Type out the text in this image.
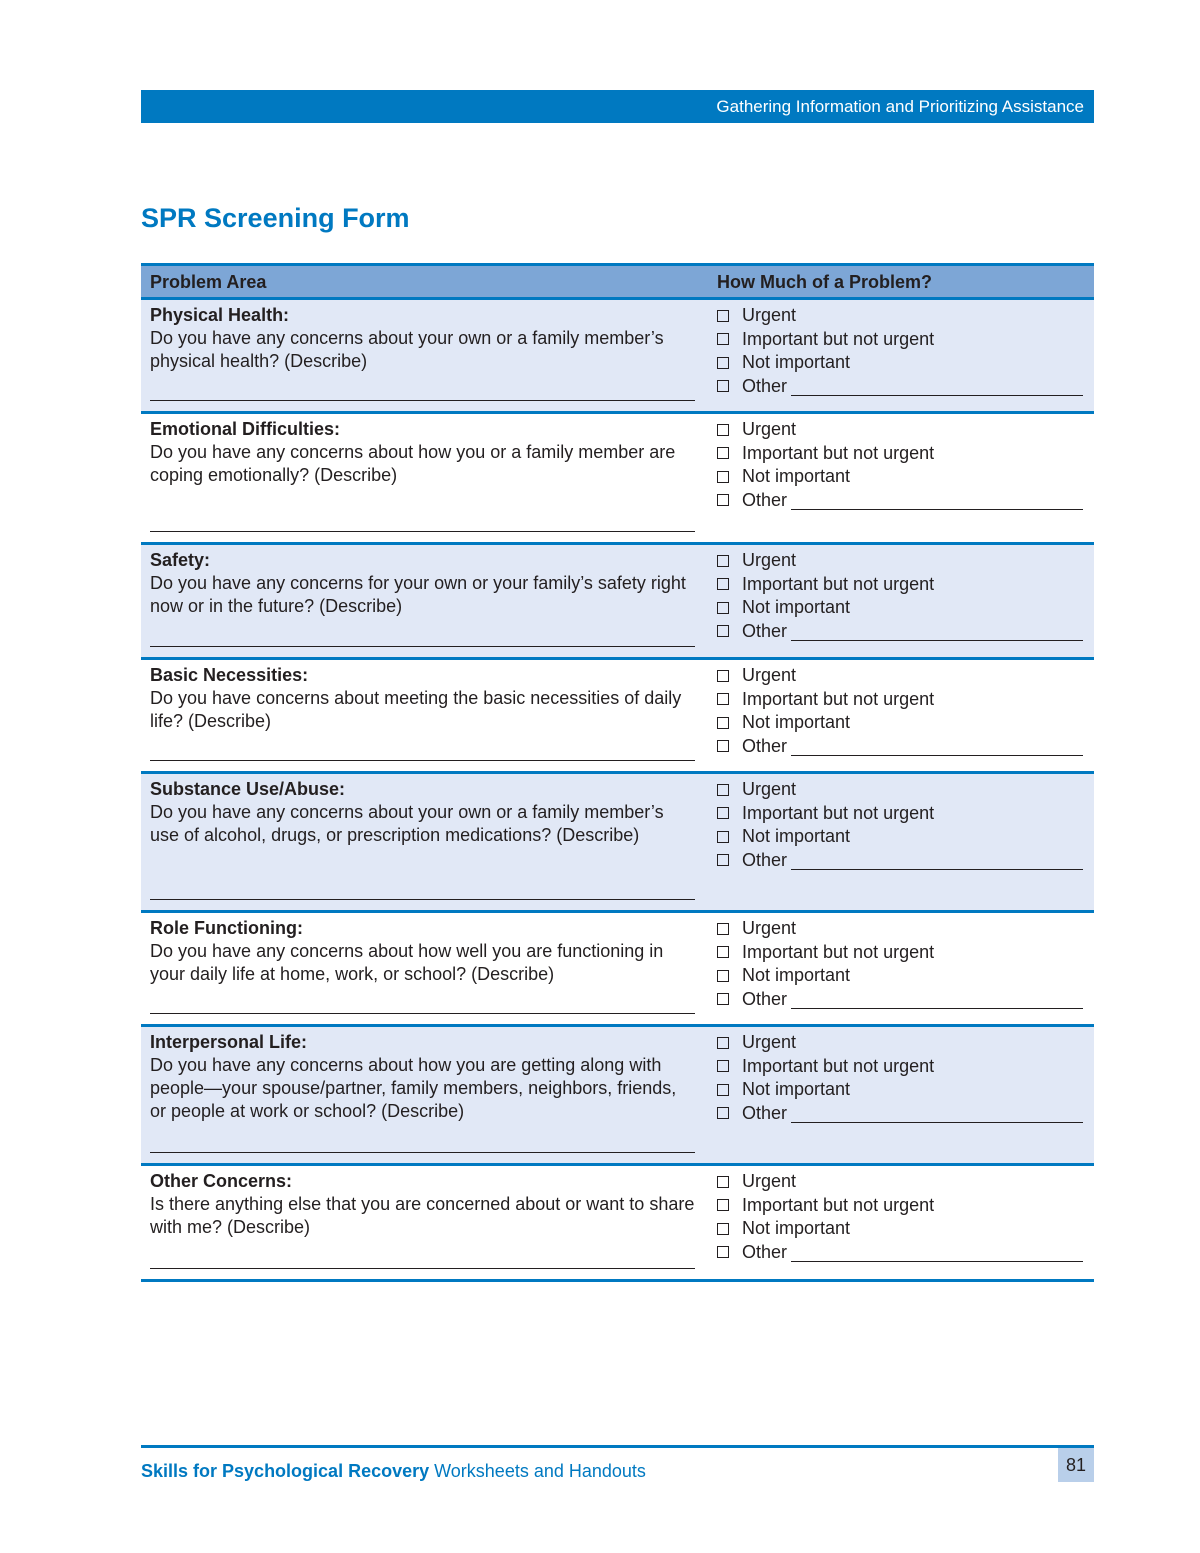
Gathering Information and Prioritizing Assistance
SPR Screening Form
Problem Area	How Much of a Problem?
Physical Health:
Do you have any concerns about your own or a family member’s physical health? (Describe)
Urgent
Important but not urgent
Not important
Other
Emotional Difficulties:
Do you have any concerns about how you or a family member are coping emotionally? (Describe)
Urgent
Important but not urgent
Not important
Other
Safety:
Do you have any concerns for your own or your family’s safety right now or in the future? (Describe)
Urgent
Important but not urgent
Not important
Other
Basic Necessities:
Do you have concerns about meeting the basic necessities of daily life? (Describe)
Urgent
Important but not urgent
Not important
Other
Substance Use/Abuse:
Do you have any concerns about your own or a family member’s use of alcohol, drugs, or prescription medications? (Describe)
Urgent
Important but not urgent
Not important
Other
Role Functioning:
Do you have any concerns about how well you are functioning in your daily life at home, work, or school? (Describe)
Urgent
Important but not urgent
Not important
Other
Interpersonal Life:
Do you have any concerns about how you are getting along with people—your spouse/partner, family members, neighbors, friends, or people at work or school? (Describe)
Urgent
Important but not urgent
Not important
Other
Other Concerns:
Is there anything else that you are concerned about or want to share with me? (Describe)
Urgent
Important but not urgent
Not important
Other
Skills for Psychological Recovery Worksheets and Handouts	81
